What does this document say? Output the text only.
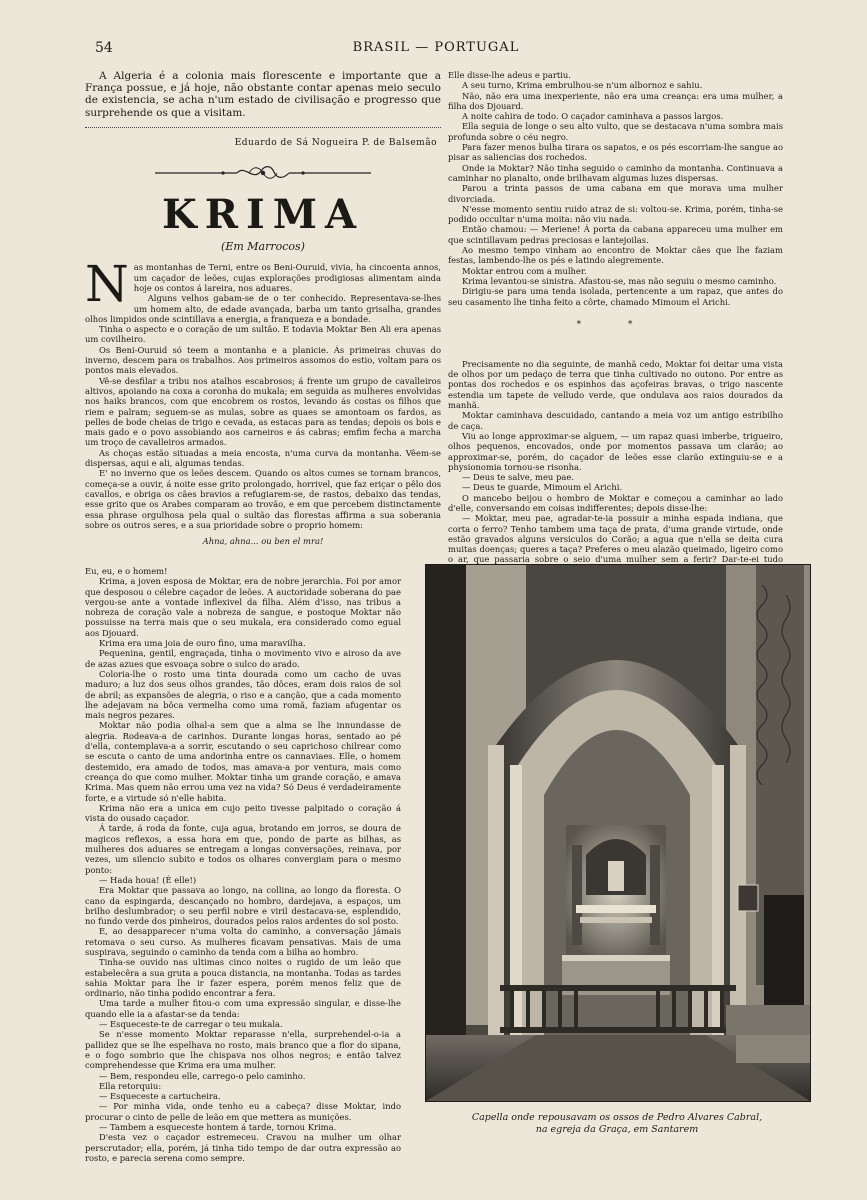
54	BRASIL — PORTUGAL

A Algeria é a colonia mais florescente e importante que a França possue, e já hoje, não obstante contar apenas meio seculo de existencia, se acha n'um estado de civilisação e progresso que surprehende os que a visitam.

Eduardo de Sá Nogueira P. de Balsemão
KRIMA
(Em Marrocos)

Nas montanhas de Terni, entre os Beni-Ouruid, vivia, ha cincoenta annos, um caçador de leões, cujas explorações prodigiosas alimentam ainda hoje os contos á lareira, nos aduares.

Alguns velhos gabam-se de o ter conhecido. Representava-se-lhes um homem alto, de edade avançada, barba um tanto grisalha, grandes olhos limpidos onde scintillava a energia, a franqueza e a bondade.

Tinha o aspecto e o coração de um sultão. E todavia Moktar Ben Ali era apenas um covilheiro.

Os Beni-Ouruid só teem a montanha e a planicie. Ás primeiras chuvas do inverno, descem para os trabalhos. Aos primeiros assomos do estio, voltam para os pontos mais elevados.

Vê-se desfilar a tribu nos atalhos escabrosos; á frente um grupo de cavalleiros altivos, apoiando na coxa a coronha do mukala; em seguida as mulheres envolvidas nos haiks brancos, com que encobrem os rostos, levando ás costas os filhos que riem e palram; seguem-se as mulas, sobre as quaes se amontoam os fardos, as pelles de bode cheias de trigo e cevada, as estacas para as tendas; depois os bois e mais gado e o povo assobiando aos carneiros e ás cabras; emfim fecha a marcha um troço de cavalleiros armados.

As choças estão situadas a meia encosta, n'uma curva da montanha. Vêem-se dispersas, aqui e ali, algumas tendas.

E' no inverno que os leões descem. Quando os altos cumes se tornam brancos, começa-se a ouvir, á noite esse grito prolongado, horrivel, que faz eriçar o pêlo dos cavallos, e obriga os cães bravios a refugiarem-se, de rastos, debaixo das tendas, esse grito que os Arabes comparam ao trovão, e em que percebem distinctamente essa phrase orgulhosa pela qual o sultão das florestas affirma a sua soberania sobre os outros seres, e a sua prioridade sobre o proprio homem:

Ahna, ahna... ou ben el mra!

Elle disse-lhe adeus e partiu.

A seu turno, Krima embrulhou-se n'um albornoz e sahiu.

Não, não era uma inexperiente, não era uma creança: era uma mulher, a filha dos Djouard.

A noite cahira de todo. O caçador caminhava a passos largos.

Ella seguia de longe o seu alto vulto, que se destacava n'uma sombra mais profunda sobre o céu negro.

Para fazer menos bulha tirara os sapatos, e os pés escorriam-lhe sangue ao pisar as saliencias dos rochedos.

Onde ia Moktar? Não tinha seguido o caminho da montanha. Continuava a caminhar no planalto, onde brilhavam algumas luzes dispersas.

Parou a trinta passos de uma cabana em que morava uma mulher divorciada.

N'esse momento sentiu ruido atraz de si: voltou-se. Krima, porém, tinha-se podido occultar n'uma moita: não viu nada.

Então chamou: — Meriene! Á porta da cabana appareceu uma mulher em que scintillavam pedras preciosas e lantejoilas.

Ao mesmo tempo vinham ao encontro de Moktar cães que lhe faziam festas, lambendo-lhe os pés e latindo alegremente.

Moktar entrou com a mulher.

Krima levantou-se sinistra. Afastou-se, mas não seguiu o mesmo caminho.

Dirigiu-se para uma tenda isolada, pertencente a um rapaz, que antes do seu casamento lhe tinha feito a côrte, chamado Mimoum el Arichi.

* *

Precisamente no dia seguinte, de manhã cedo, Moktar foi deitar uma vista de olhos por um pedaço de terra que tinha cultivado no outono. Por entre as pontas dos rochedos e os espinhos das açofeiras bravas, o trigo nascente estendia um tapete de velludo verde, que ondulava aos raios dourados da manhã.

Moktar caminhava descuidado, cantando a meia voz um antigo estribilho de caça.

Viu ao longe approximar-se alguem, — um rapaz quasi imberbe, trigueiro, olhos pequenos, encovados, onde por momentos passava um clarão; ao approximar-se, porém, do caçador de leões esse clarão extinguiu-se e a physionomia tornou-se risonha.

— Deus te salve, meu pae.

— Deus te guarde, Mimoum el Arichi.

O mancebo beijou o hombro de Moktar e começou a caminhar ao lado d'elle, conversando em coisas indifferentes; depois disse-lhe:

— Moktar, meu pae, agradar-te-ia possuir a minha espada indiana, que corta o ferro? Tenho tambem uma taça de prata, d'uma grande virtude, onde estão gravados alguns versiculos do Corão; a agua que n'ella se deita cura muitas doenças; queres a taça? Preferes o meu alazão queimado, ligeiro como o ar, que passaria sobre o seio d'uma mulher sem a ferir? Dar-te-ei tudo

Eu, eu, e o homem!

Krima, a joven esposa de Moktar, era de nobre jerarchia. Foi por amor que desposou o célebre caçador de leões. A auctoridade soberana do pae vergou-se ante a vontade inflexivel da filha. Além d'isso, nas tribus a nobreza de coração vale a nobreza de sangue, e postoque Moktar não possuisse na terra mais que o seu mukala, era considerado como egual aos Djouard.

Krima era uma joia de ouro fino, uma maravilha.

Pequenina, gentil, engraçada, tinha o movimento vivo e airoso da ave de azas azues que esvoaça sobre o sulco do arado.

Coloria-lhe o rosto uma tinta dourada como um cacho de uvas maduro; a luz dos seus olhos grandes, tão dôces, eram dois raios de sol de abril; as expansões de alegria, o riso e a canção, que a cada momento lhe adejavam na bôca vermelha como uma romã, faziam afugentar os mais negros pezares.

Moktar não podia olhal-a sem que a alma se lhe innundasse de alegria. Rodeava-a de carinhos. Durante longas horas, sentado ao pé d'ella, contemplava-a a sorrir, escutando o seu caprichoso chilrear como se escuta o canto de uma andorinha entre os cannaviaes. Elle, o homem destemido, era amado de todos, mas amava-a por ventura, mais como creança do que como mulher. Moktar tinha um grande coração, e amava Krima. Mas quem não errou uma vez na vida? Só Deus é verdadeiramente forte, e a virtude só n'elle habita.

Krima não era a unica em cujo peito tivesse palpitado o coração á vista do ousado caçador.

Á tarde, á roda da fonte, cuja agua, brotando em jorros, se doura de magicos reflexos, a essa hora em que, pondo de parte as bilhas, as mulheres dos aduares se entregam a longas conversações, reinava, por vezes, um silencio subito e todos os olhares convergiam para o mesmo ponto:

— Hada houa! (É elle!)

Era Moktar que passava ao longo, na collina, ao longo da floresta. O cano da espingarda, descançado no hombro, dardejava, a espaços, um brilho deslumbrador; o seu perfil nobre e viril destacava-se, esplendido, no fundo verde dos pinheiros, dourados pelos raios ardentes do sol posto.

E, ao desapparecer n'uma volta do caminho, a conversação jámais retomava o seu curso. As mulheres ficavam pensativas. Mais de uma suspirava, seguindo o caminho da tenda com a bilha ao hombro.

Tinha-se ouvido nas ultimas cinco noites o rugido de um leão que estabelecêra a sua gruta a pouca distancia, na montanha. Todas as tardes sahia Moktar para lhe ir fazer espera, porém menos feliz que de ordinario, não tinha podido encontrar a fera.

Uma tarde a mulher fitou-o com uma expressão singular, e disse-lhe quando elle ia a afastar-se da tenda:

— Esqueceste-te de carregar o teu mukala.

Se n'esse momento Moktar reparasse n'ella, surprehendel-o-ia a pallidez que se lhe espelhava no rosto, mais branco que a flor do sipana, e o fogo sombrio que lhe chispava nos olhos negros; e então talvez comprehendesse que Krima era uma mulher.

— Bem, respondeu elle, carrego-o pelo caminho.

Ella retorquiu:

— Esqueceste a cartucheira.

— Por minha vida, onde tenho eu a cabeça? disse Moktar, indo procurar o cinto de pelle de leão em que mettera as munições.

— Tambem a esqueceste hontem á tarde, tornou Krima.

D'esta vez o caçador estremeceu. Cravou na mulher um olhar perscrutador; ella, porém, já tinha tido tempo de dar outra expressão ao rosto, e parecia serena como sempre.

Capella onde repousavam os ossos de Pedro Alvares Cabral,
na egreja da Graça, em Santarem
